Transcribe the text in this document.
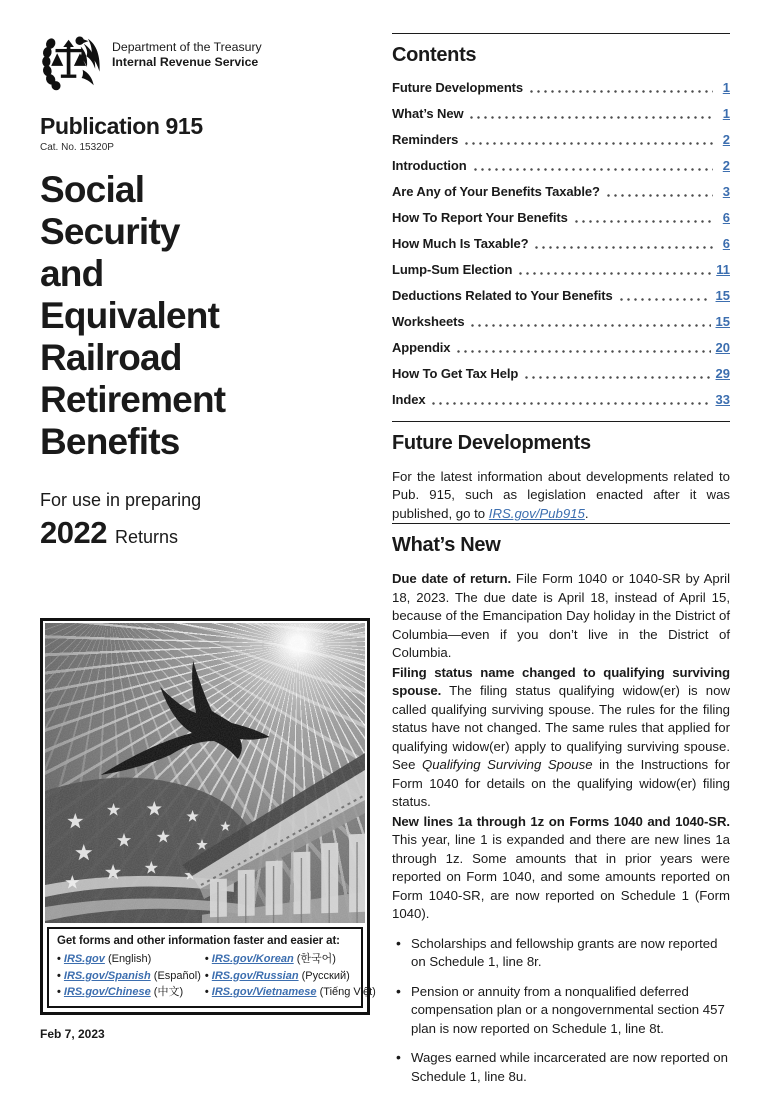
Department of the Treasury
Internal Revenue Service
Publication 915
Cat. No. 15320P
Social
Security
and
Equivalent
Railroad
Retirement
Benefits
For use in preparing
2022 Returns
Get forms and other information faster and easier at:
• IRS.gov (English)
• IRS.gov/Spanish (Español)
• IRS.gov/Chinese (中文)
• IRS.gov/Korean (한국어)
• IRS.gov/Russian (Русский)
• IRS.gov/Vietnamese (Tiếng Việt)
Feb 7, 2023
Contents
Future Developments	1
What’s New	1
Reminders	2
Introduction	2
Are Any of Your Benefits Taxable?	3
How To Report Your Benefits	6
How Much Is Taxable?	6
Lump-Sum Election	11
Deductions Related to Your Benefits	15
Worksheets	15
Appendix	20
How To Get Tax Help	29
Index	33
Future Developments

For the latest information about developments related to Pub. 915, such as legislation enacted after it was published, go to IRS.gov/Pub915.

What’s New

Due date of return. File Form 1040 or 1040-SR by April 18, 2023. The due date is April 18, instead of April 15, because of the Emancipation Day holiday in the District of Columbia—even if you don’t live in the District of Columbia.

Filing status name changed to qualifying surviving spouse. The filing status qualifying widow(er) is now called qualifying surviving spouse. The rules for the filing status have not changed. The same rules that applied for qualifying widow(er) apply to qualifying surviving spouse. See Qualifying Surviving Spouse in the Instructions for Form 1040 for details on the qualifying widow(er) filing status.

New lines 1a through 1z on Forms 1040 and 1040-SR. This year, line 1 is expanded and there are new lines 1a through 1z. Some amounts that in prior years were reported on Form 1040, and some amounts reported on Form 1040-SR, are now reported on Schedule 1 (Form 1040).

• Scholarships and fellowship grants are now reported on Schedule 1, line 8r.
• Pension or annuity from a nonqualified deferred compensation plan or a nongovernmental section 457 plan is now reported on Schedule 1, line 8t.
• Wages earned while incarcerated are now reported on Schedule 1, line 8u.
